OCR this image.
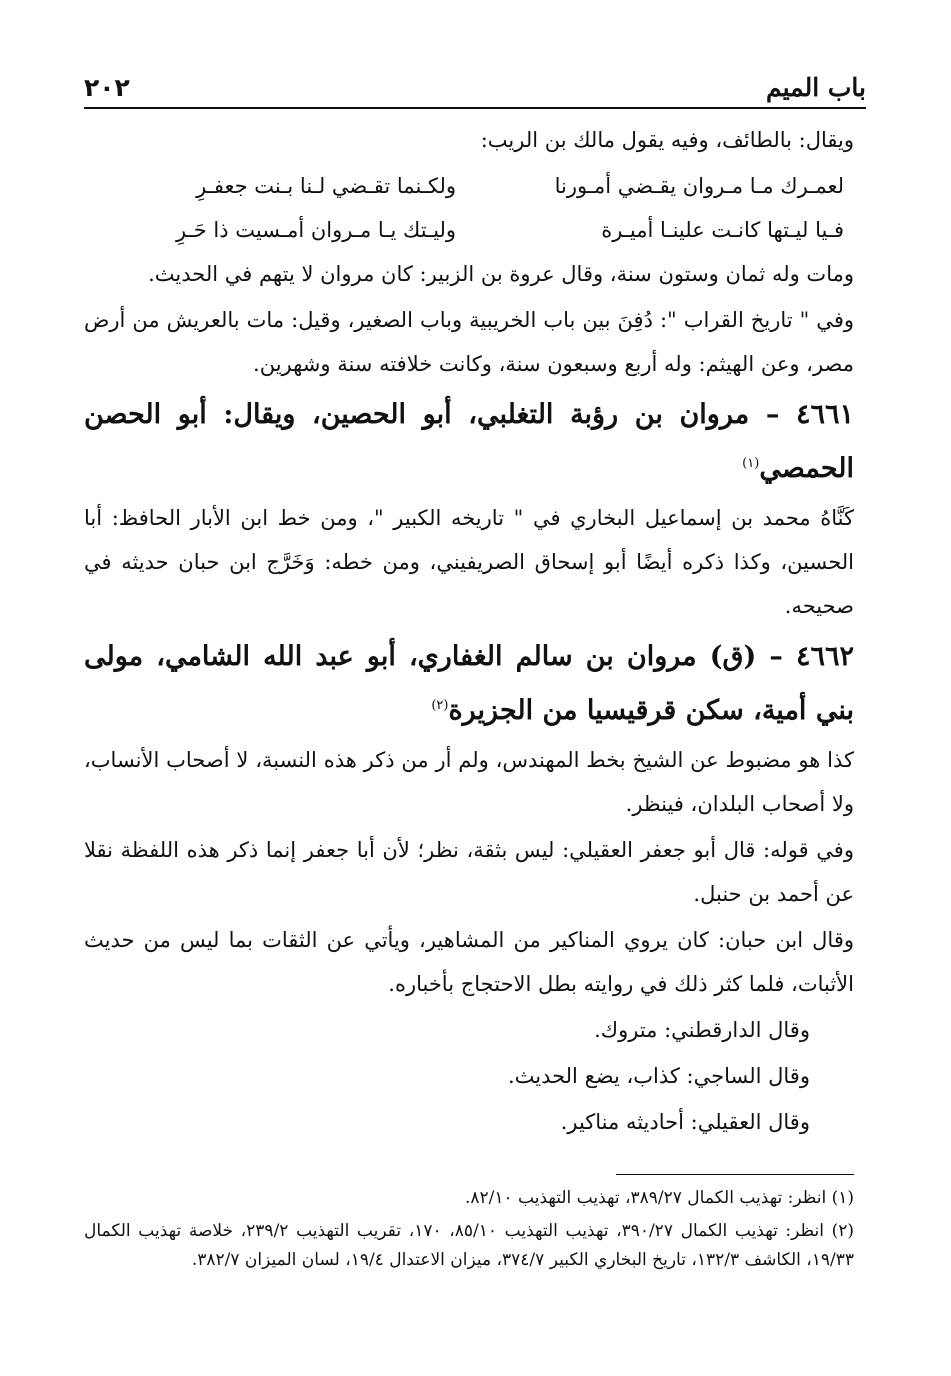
باب الميم
٢٠٢

ويقال: بالطائف، وفيه يقول مالك بن الريب:

لعمـرك مـا مـروان يقـضي أمـورنا
ولكـنما تقـضي لـنا بـنت جعفـرِ
فـيا ليـتها كانـت علينـا أميـرة
وليـتك يـا مـروان أمـسيت ذا حَـرِ

ومات وله ثمان وستون سنة، وقال عروة بن الزبير: كان مروان لا يتهم في الحديث.

وفي " تاريخ القراب ": دُفِنَ بين باب الخريبية وباب الصغير، وقيل: مات بالعريش من أرض مصر، وعن الهيثم: وله أربع وسبعون سنة، وكانت خلافته سنة وشهرين.

٤٦٦١ – مروان بن رؤبة التغلبي، أبو الحصين، ويقال: أبو الحصن الحمصي$^{(١)}$

كَنَّاهُ محمد بن إسماعيل البخاري في " تاريخه الكبير "، ومن خط ابن الأبار الحافظ: أبا الحسين، وكذا ذكره أيضًا أبو إسحاق الصريفيني، ومن خطه: وَخَرَّج ابن حبان حديثه في صحيحه.

٤٦٦٢ – (ق) مروان بن سالم الغفاري، أبو عبد الله الشامي، مولى بني أمية، سكن قرقيسيا من الجزيرة$^{(٢)}$

كذا هو مضبوط عن الشيخ بخط المهندس، ولم أر من ذكر هذه النسبة، لا أصحاب الأنساب، ولا أصحاب البلدان، فينظر.

وفي قوله: قال أبو جعفر العقيلي: ليس بثقة، نظر؛ لأن أبا جعفر إنما ذكر هذه اللفظة نقلا عن أحمد بن حنبل.

وقال ابن حبان: كان يروي المناكير من المشاهير، ويأتي عن الثقات بما ليس من حديث الأثبات، فلما كثر ذلك في روايته بطل الاحتجاج بأخباره.

وقال الدارقطني: متروك.

وقال الساجي: كذاب، يضع الحديث.

وقال العقيلي: أحاديثه مناكير.

(١) انظر: تهذيب الكمال ٣٨٩/٢٧، تهذيب التهذيب ٨٢/١٠.

(٢) انظر: تهذيب الكمال ٣٩٠/٢٧، تهذيب التهذيب ٨٥/١٠، ١٧٠، تقريب التهذيب ٢٣٩/٢، خلاصة تهذيب الكمال ١٩/٣٣، الكاشف ١٣٢/٣، تاريخ البخاري الكبير ٣٧٤/٧، ميزان الاعتدال ١٩/٤، لسان الميزان ٣٨٢/٧.
